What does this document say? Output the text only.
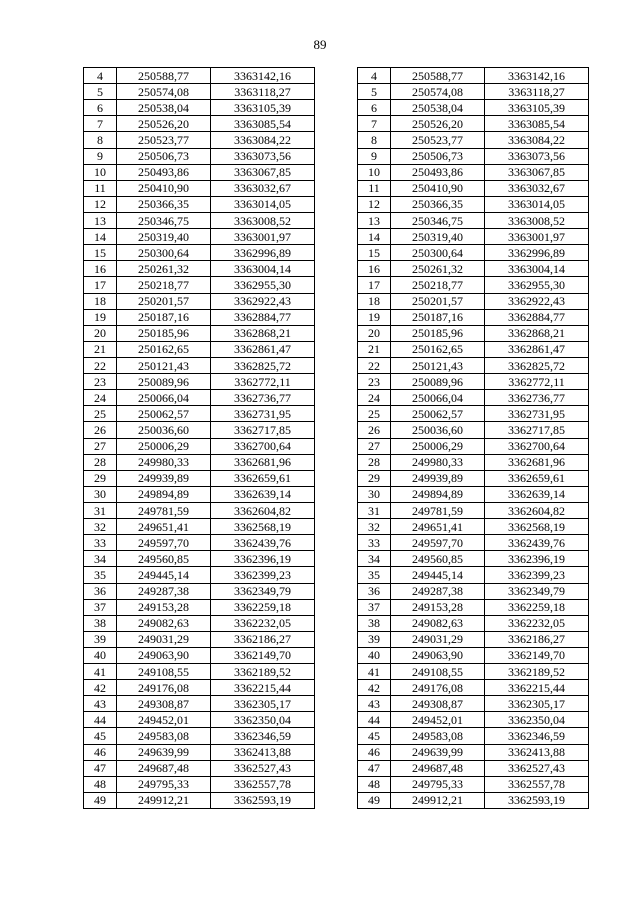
89
4	250588,77	3363142,16
5	250574,08	3363118,27
6	250538,04	3363105,39
7	250526,20	3363085,54
8	250523,77	3363084,22
9	250506,73	3363073,56
10	250493,86	3363067,85
11	250410,90	3363032,67
12	250366,35	3363014,05
13	250346,75	3363008,52
14	250319,40	3363001,97
15	250300,64	3362996,89
16	250261,32	3363004,14
17	250218,77	3362955,30
18	250201,57	3362922,43
19	250187,16	3362884,77
20	250185,96	3362868,21
21	250162,65	3362861,47
22	250121,43	3362825,72
23	250089,96	3362772,11
24	250066,04	3362736,77
25	250062,57	3362731,95
26	250036,60	3362717,85
27	250006,29	3362700,64
28	249980,33	3362681,96
29	249939,89	3362659,61
30	249894,89	3362639,14
31	249781,59	3362604,82
32	249651,41	3362568,19
33	249597,70	3362439,76
34	249560,85	3362396,19
35	249445,14	3362399,23
36	249287,38	3362349,79
37	249153,28	3362259,18
38	249082,63	3362232,05
39	249031,29	3362186,27
40	249063,90	3362149,70
41	249108,55	3362189,52
42	249176,08	3362215,44
43	249308,87	3362305,17
44	249452,01	3362350,04
45	249583,08	3362346,59
46	249639,99	3362413,88
47	249687,48	3362527,43
48	249795,33	3362557,78
49	249912,21	3362593,19
4	250588,77	3363142,16
5	250574,08	3363118,27
6	250538,04	3363105,39
7	250526,20	3363085,54
8	250523,77	3363084,22
9	250506,73	3363073,56
10	250493,86	3363067,85
11	250410,90	3363032,67
12	250366,35	3363014,05
13	250346,75	3363008,52
14	250319,40	3363001,97
15	250300,64	3362996,89
16	250261,32	3363004,14
17	250218,77	3362955,30
18	250201,57	3362922,43
19	250187,16	3362884,77
20	250185,96	3362868,21
21	250162,65	3362861,47
22	250121,43	3362825,72
23	250089,96	3362772,11
24	250066,04	3362736,77
25	250062,57	3362731,95
26	250036,60	3362717,85
27	250006,29	3362700,64
28	249980,33	3362681,96
29	249939,89	3362659,61
30	249894,89	3362639,14
31	249781,59	3362604,82
32	249651,41	3362568,19
33	249597,70	3362439,76
34	249560,85	3362396,19
35	249445,14	3362399,23
36	249287,38	3362349,79
37	249153,28	3362259,18
38	249082,63	3362232,05
39	249031,29	3362186,27
40	249063,90	3362149,70
41	249108,55	3362189,52
42	249176,08	3362215,44
43	249308,87	3362305,17
44	249452,01	3362350,04
45	249583,08	3362346,59
46	249639,99	3362413,88
47	249687,48	3362527,43
48	249795,33	3362557,78
49	249912,21	3362593,19
